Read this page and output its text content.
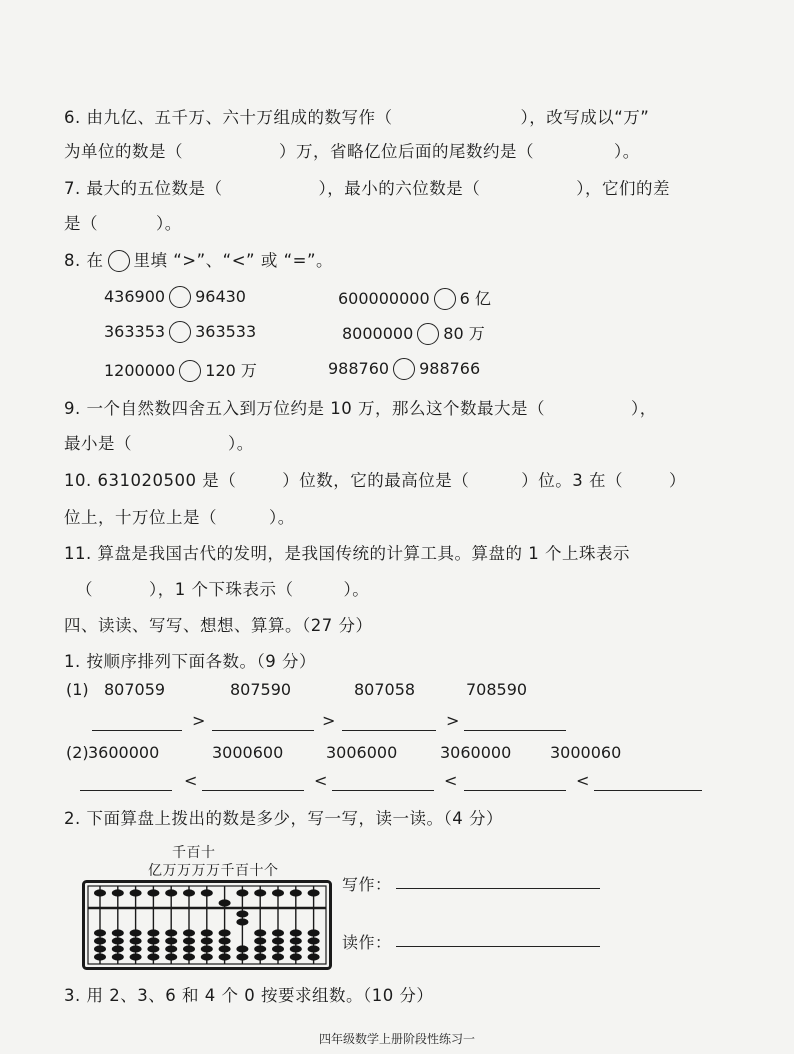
6. 由九亿、五千万、六十万组成的数写作（	），改写成以“万”
为单位的数是（	）万，省略亿位后面的尾数约是（	）。
7. 最大的五位数是（	），最小的六位数是（	），它们的差
是（	）。
8. 在 里填 “>”、“<” 或 “=”。
436900 96430	600000000 6 亿
363353 363533	8000000 80 万
1200000 120 万	988760 988766
9. 一个自然数四舍五入到万位约是 10 万，那么这个数最大是（	），
最小是（	）。
10. 631020500 是（	）位数，它的最高位是（	）位。3 在（	）
位上，十万位上是（	）。
11. 算盘是我国古代的发明，是我国传统的计算工具。算盘的 1 个上珠表示
（	），1 个下珠表示（	）。
四、读读、写写、想想、算算。（27 分）
1. 按顺序排列下面各数。（9 分）
(1) 807059	807590	807058	708590
>	>	>
(2) 3600000	3000600	3006000	3060000 3000060
<	<	<	<
2. 下面算盘上拨出的数是多少，写一写，读一读。（4 分）
千百十
亿万万万万千百十个
写作：
读作：
3. 用 2、3、6 和 4 个 0 按要求组数。（10 分）
四年级数学上册阶段性练习一
